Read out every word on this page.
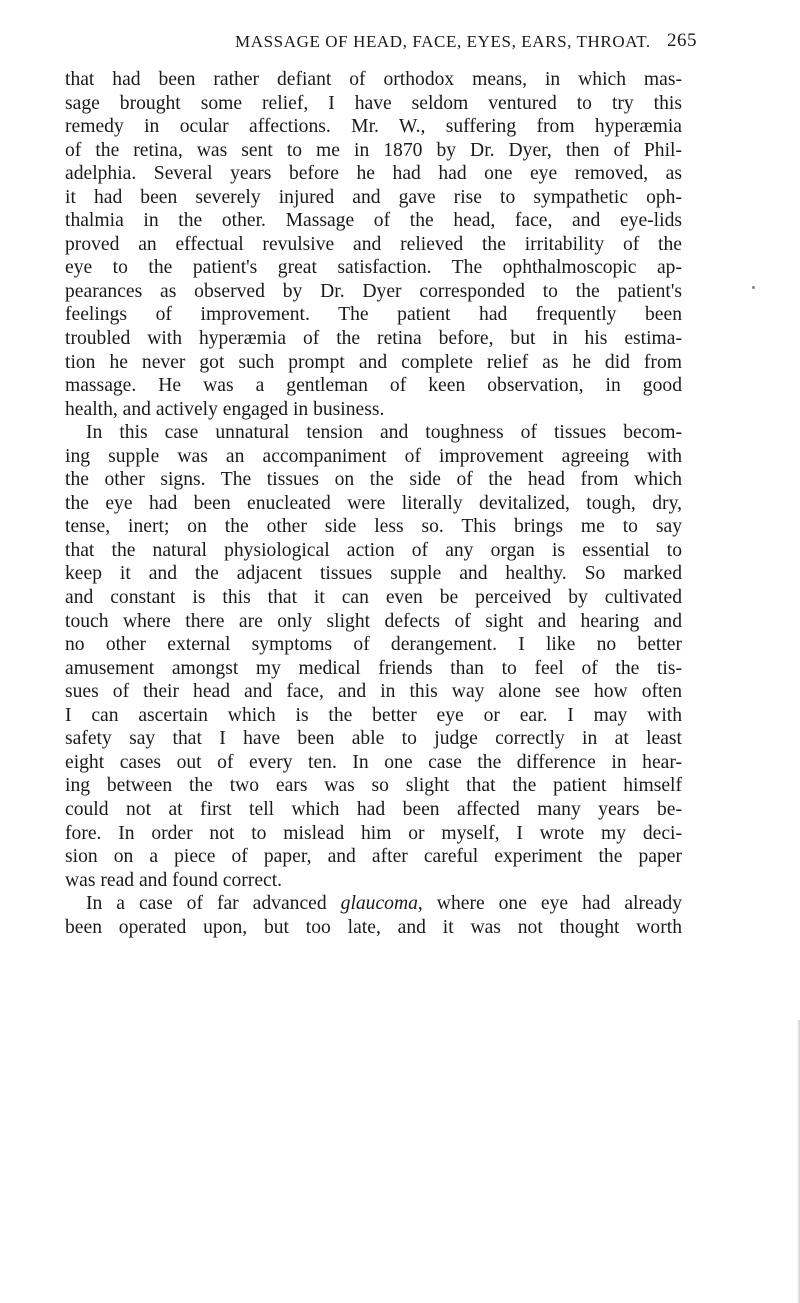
MASSAGE OF HEAD, FACE, EYES, EARS, THROAT. 265
that had been rather defiant of orthodox means, in which mas-
sage brought some relief, I have seldom ventured to try this
remedy in ocular affections. Mr. W., suffering from hyperæmia
of the retina, was sent to me in 1870 by Dr. Dyer, then of Phil-
adelphia. Several years before he had had one eye removed, as
it had been severely injured and gave rise to sympathetic oph-
thalmia in the other. Massage of the head, face, and eye-lids
proved an effectual revulsive and relieved the irritability of the
eye to the patient's great satisfaction. The ophthalmoscopic ap-
pearances as observed by Dr. Dyer corresponded to the patient's
feelings of improvement. The patient had frequently been
troubled with hyperæmia of the retina before, but in his estima-
tion he never got such prompt and complete relief as he did from
massage. He was a gentleman of keen observation, in good
health, and actively engaged in business.
In this case unnatural tension and toughness of tissues becom-
ing supple was an accompaniment of improvement agreeing with
the other signs. The tissues on the side of the head from which
the eye had been enucleated were literally devitalized, tough, dry,
tense, inert; on the other side less so. This brings me to say
that the natural physiological action of any organ is essential to
keep it and the adjacent tissues supple and healthy. So marked
and constant is this that it can even be perceived by cultivated
touch where there are only slight defects of sight and hearing and
no other external symptoms of derangement. I like no better
amusement amongst my medical friends than to feel of the tis-
sues of their head and face, and in this way alone see how often
I can ascertain which is the better eye or ear. I may with
safety say that I have been able to judge correctly in at least
eight cases out of every ten. In one case the difference in hear-
ing between the two ears was so slight that the patient himself
could not at first tell which had been affected many years be-
fore. In order not to mislead him or myself, I wrote my deci-
sion on a piece of paper, and after careful experiment the paper
was read and found correct.
In a case of far advanced glaucoma, where one eye had already
been operated upon, but too late, and it was not thought worth
